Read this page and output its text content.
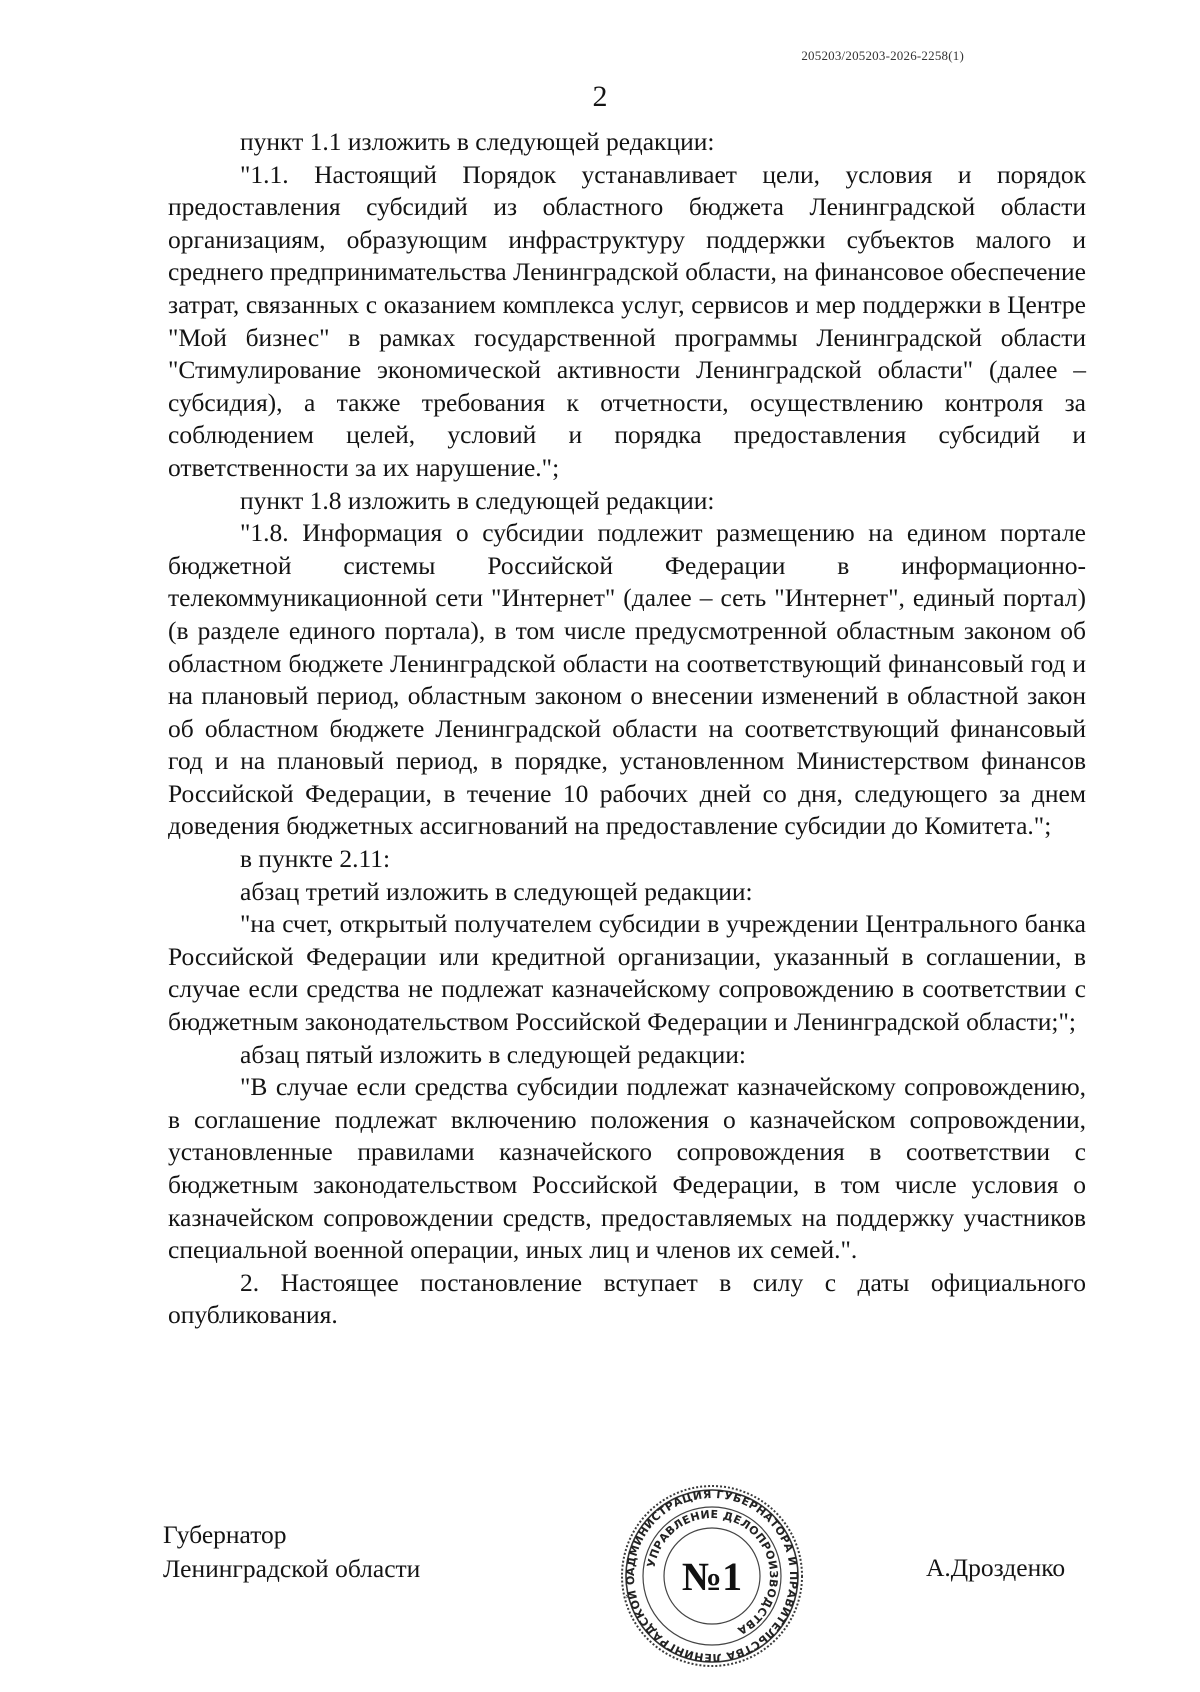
205203/205203-2026-2258(1)
2

пункт 1.1 изложить в следующей редакции:

"1.1. Настоящий Порядок устанавливает цели, условия и порядок предоставления субсидий из областного бюджета Ленинградской области организациям, образующим инфраструктуру поддержки субъектов малого и среднего предпринимательства Ленинградской области, на финансовое обеспечение затрат, связанных с оказанием комплекса услуг, сервисов и мер поддержки в Центре "Мой бизнес" в рамках государственной программы Ленинградской области "Стимулирование экономической активности Ленинградской области" (далее – субсидия), а также требования к отчетности, осуществлению контроля за соблюдением целей, условий и порядка предоставления субсидий и ответственности за их нарушение.";

пункт 1.8 изложить в следующей редакции:

"1.8. Информация о субсидии подлежит размещению на едином портале бюджетной системы Российской Федерации в информационно-телекоммуникационной сети "Интернет" (далее – сеть "Интернет", единый портал) (в разделе единого портала), в том числе предусмотренной областным законом об областном бюджете Ленинградской области на соответствующий финансовый год и на плановый период, областным законом о внесении изменений в областной закон об областном бюджете Ленинградской области на соответствующий финансовый год и на плановый период, в порядке, установленном Министерством финансов Российской Федерации, в течение 10 рабочих дней со дня, следующего за днем доведения бюджетных ассигнований на предоставление субсидии до Комитета.";

в пункте 2.11:

абзац третий изложить в следующей редакции:

"на счет, открытый получателем субсидии в учреждении Центрального банка Российской Федерации или кредитной организации, указанный в соглашении, в случае если средства не подлежат казначейскому сопровождению в соответствии с бюджетным законодательством Российской Федерации и Ленинградской области;";

абзац пятый изложить в следующей редакции:

"В случае если средства субсидии подлежат казначейскому сопровождению, в соглашение подлежат включению положения о казначейском сопровождении, установленные правилами казначейского сопровождения в соответствии с бюджетным законодательством Российской Федерации, в том числе условия о казначейском сопровождении средств, предоставляемых на поддержку участников специальной военной операции, иных лиц и членов их семей.".

2. Настоящее постановление вступает в силу с даты официального опубликования.

Губернатор
Ленинградской области	АДМИНИСТРАЦИЯ ГУБЕРНАТОРА И ПРАВИТЕЛЬСТВА ЛЕНИНГРАДСКОЙ О
УПРАВЛЕНИЕ ДЕЛОПРОИЗВОДСТВА
№1	А.Дрозденко
